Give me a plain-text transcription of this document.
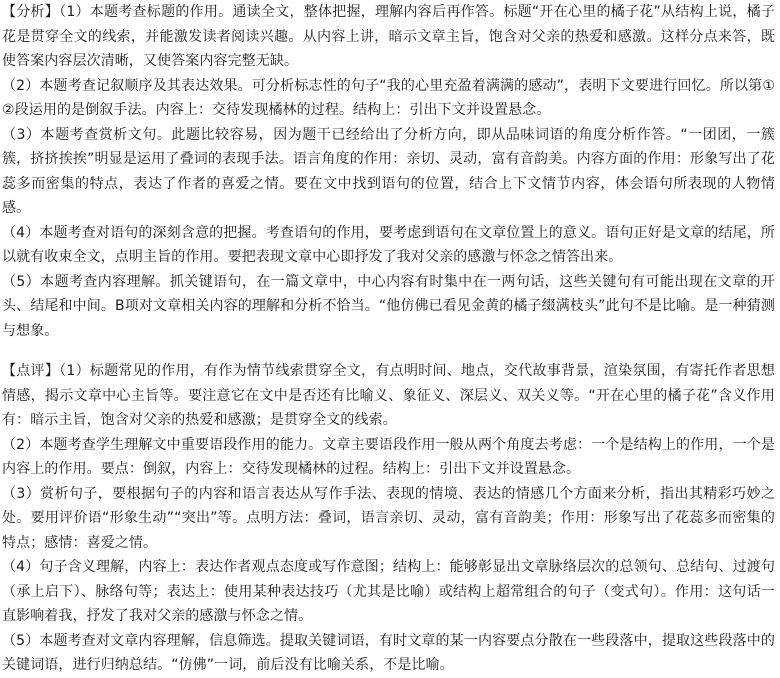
【分析】（1）本题考查标题的作用。通读全文，整体把握，理解内容后再作答。标题“开在心里的橘子花”从结构上说，橘子花是贯穿全文的线索，并能激发读者阅读兴趣。从内容上讲，暗示文章主旨，饱含对父亲的热爱和感激。这样分点来答，既使答案内容层次清晰，又使答案内容完整无缺。

（2）本题考查记叙顺序及其表达效果。可分析标志性的句子“我的心里充盈着满满的感动”，表明下文要进行回忆。所以第①②段运用的是倒叙手法。内容上：交待发现橘林的过程。结构上：引出下文并设置悬念。

（3）本题考查赏析文句。此题比较容易，因为题干已经给出了分析方向，即从品味词语的角度分析作答。“一团团，一簇簇，挤挤挨挨”明显是运用了叠词的表现手法。语言角度的作用：亲切、灵动，富有音韵美。内容方面的作用：形象写出了花蕊多而密集的特点，表达了作者的喜爱之情。要在文中找到语句的位置，结合上下文情节内容，体会语句所表现的人物情感。

（4）本题考查对语句的深刻含意的把握。考查语句的作用，要考虑到语句在文章位置上的意义。语句正好是文章的结尾，所以就有收束全文，点明主旨的作用。要把表现文章中心即抒发了我对父亲的感激与怀念之情答出来。

（5）本题考查内容理解。抓关键语句，在一篇文章中，中心内容有时集中在一两句话，这些关键句有可能出现在文章的开头、结尾和中间。B项对文章相关内容的理解和分析不恰当。“他仿佛已看见金黄的橘子缀满枝头”此句不是比喻。是一种猜测与想象。

【点评】（1）标题常见的作用，有作为情节线索贯穿全文，有点明时间、地点，交代故事背景，渲染氛围，有寄托作者思想情感，揭示文章中心主旨等。要注意它在文中是否还有比喻义、象征义、深层义、双关义等。“开在心里的橘子花”含义作用有：暗示主旨，饱含对父亲的热爱和感激；是贯穿全文的线索。

（2）本题考查学生理解文中重要语段作用的能力。文章主要语段作用一般从两个角度去考虑：一个是结构上的作用，一个是内容上的作用。要点：倒叙，内容上：交待发现橘林的过程。结构上：引出下文并设置悬念。

（3）赏析句子，要根据句子的内容和语言表达从写作手法、表现的情境、表达的情感几个方面来分析，指出其精彩巧妙之处。要用评价语“形象生动”“突出”等。点明方法：叠词，语言亲切、灵动，富有音韵美；作用：形象写出了花蕊多而密集的特点；感情：喜爱之情。

（4）句子含义理解，内容上：表达作者观点态度或写作意图；结构上：能够彰显出文章脉络层次的总领句、总结句、过渡句（承上启下）、脉络句等；表达上：使用某种表达技巧（尤其是比喻）或结构上超常组合的句子（变式句）。作用：这句话一直影响着我，抒发了我对父亲的感激与怀念之情。

（5）本题考查对文章内容理解，信息筛选。提取关键词语，有时文章的某一内容要点分散在一些段落中，提取这些段落中的关键词语，进行归纳总结。“仿佛”一词，前后没有比喻关系，不是比喻。
